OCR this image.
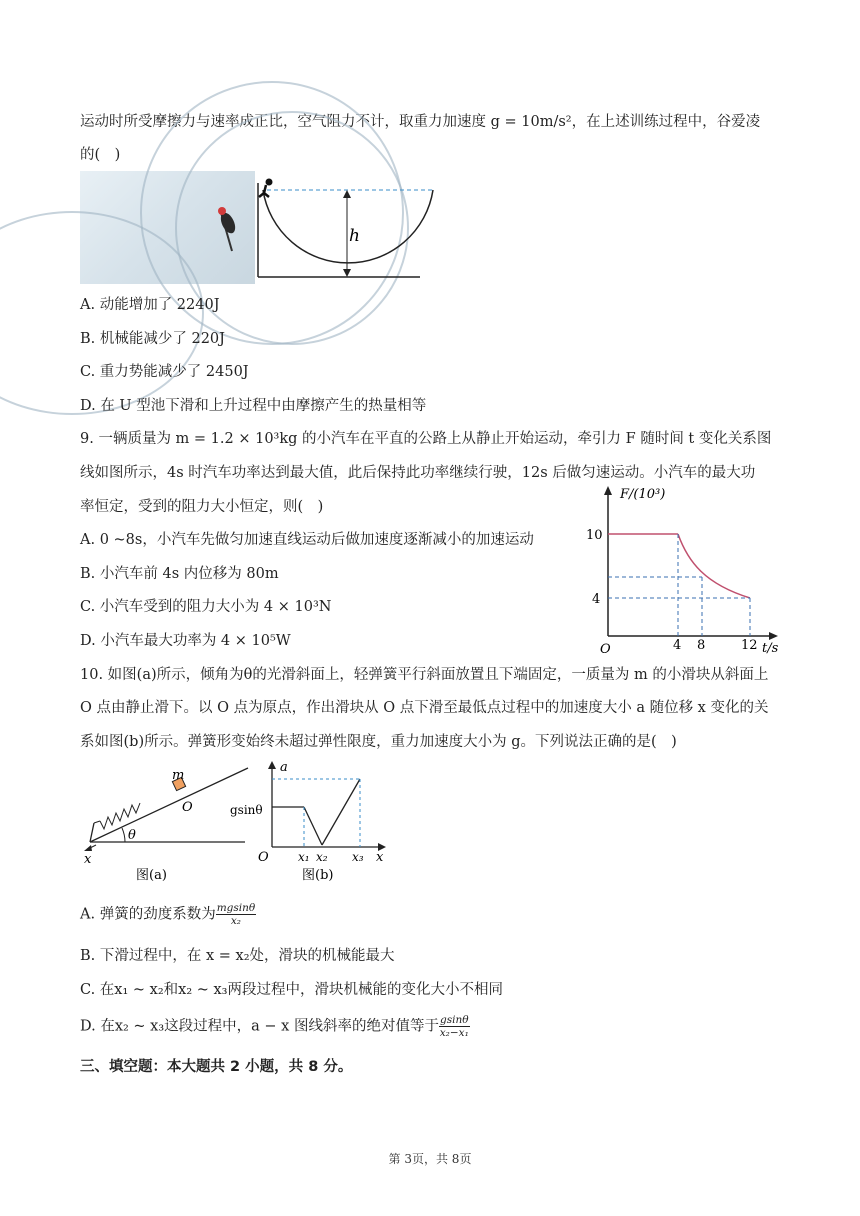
运动时所受摩擦力与速率成正比，空气阻力不计，取重力加速度 g = 10m/s²，在上述训练过程中，谷爱凌
的(　)
h
A. 动能增加了 2240J
B. 机械能减少了 220J
C. 重力势能减少了 2450J
D. 在 U 型池下滑和上升过程中由摩擦产生的热量相等
9. 一辆质量为 m = 1.2 × 10³kg 的小汽车在平直的公路上从静止开始运动，牵引力 F 随时间 t 变化关系图
线如图所示，4s 时汽车功率达到最大值，此后保持此功率继续行驶，12s 后做匀速运动。小汽车的最大功
率恒定，受到的阻力大小恒定，则(　)
A. 0 ~8s，小汽车先做匀加速直线运动后做加速度逐渐减小的加速运动
B. 小汽车前 4s 内位移为 80m
C. 小汽车受到的阻力大小为 4 × 10³N
D. 小汽车最大功率为 4 × 10⁵W
F/(10³)
t/s
O
10
4
4 8	12
10. 如图(a)所示，倾角为θ的光滑斜面上，轻弹簧平行斜面放置且下端固定，一质量为 m 的小滑块从斜面上
O 点由静止滑下。以 O 点为原点，作出滑块从 O 点下滑至最低点过程中的加速度大小 a 随位移 x 变化的关
系如图(b)所示。弹簧形变始终未超过弹性限度，重力加速度大小为 g。下列说法正确的是(　)
θ
m
O
x
图(a)
a
x
O
gsinθ
x₁ x₂ x₃
图(b)
A. 弹簧的劲度系数为 $\frac{mgsin\theta}{\text{x₂}}$
B. 下滑过程中，在 x = x₂处，滑块的机械能最大
C. 在x₁ ~ x₂和x₂ ~ x₃两段过程中，滑块机械能的变化大小不相同
D. 在x₂ ~ x₃这段过程中，a − x 图线斜率的绝对值等于 $\frac{gsin\theta}{\text{x₂−x₁}}$
三、填空题：本大题共 2 小题，共 8 分。
第 3页，共 8页
